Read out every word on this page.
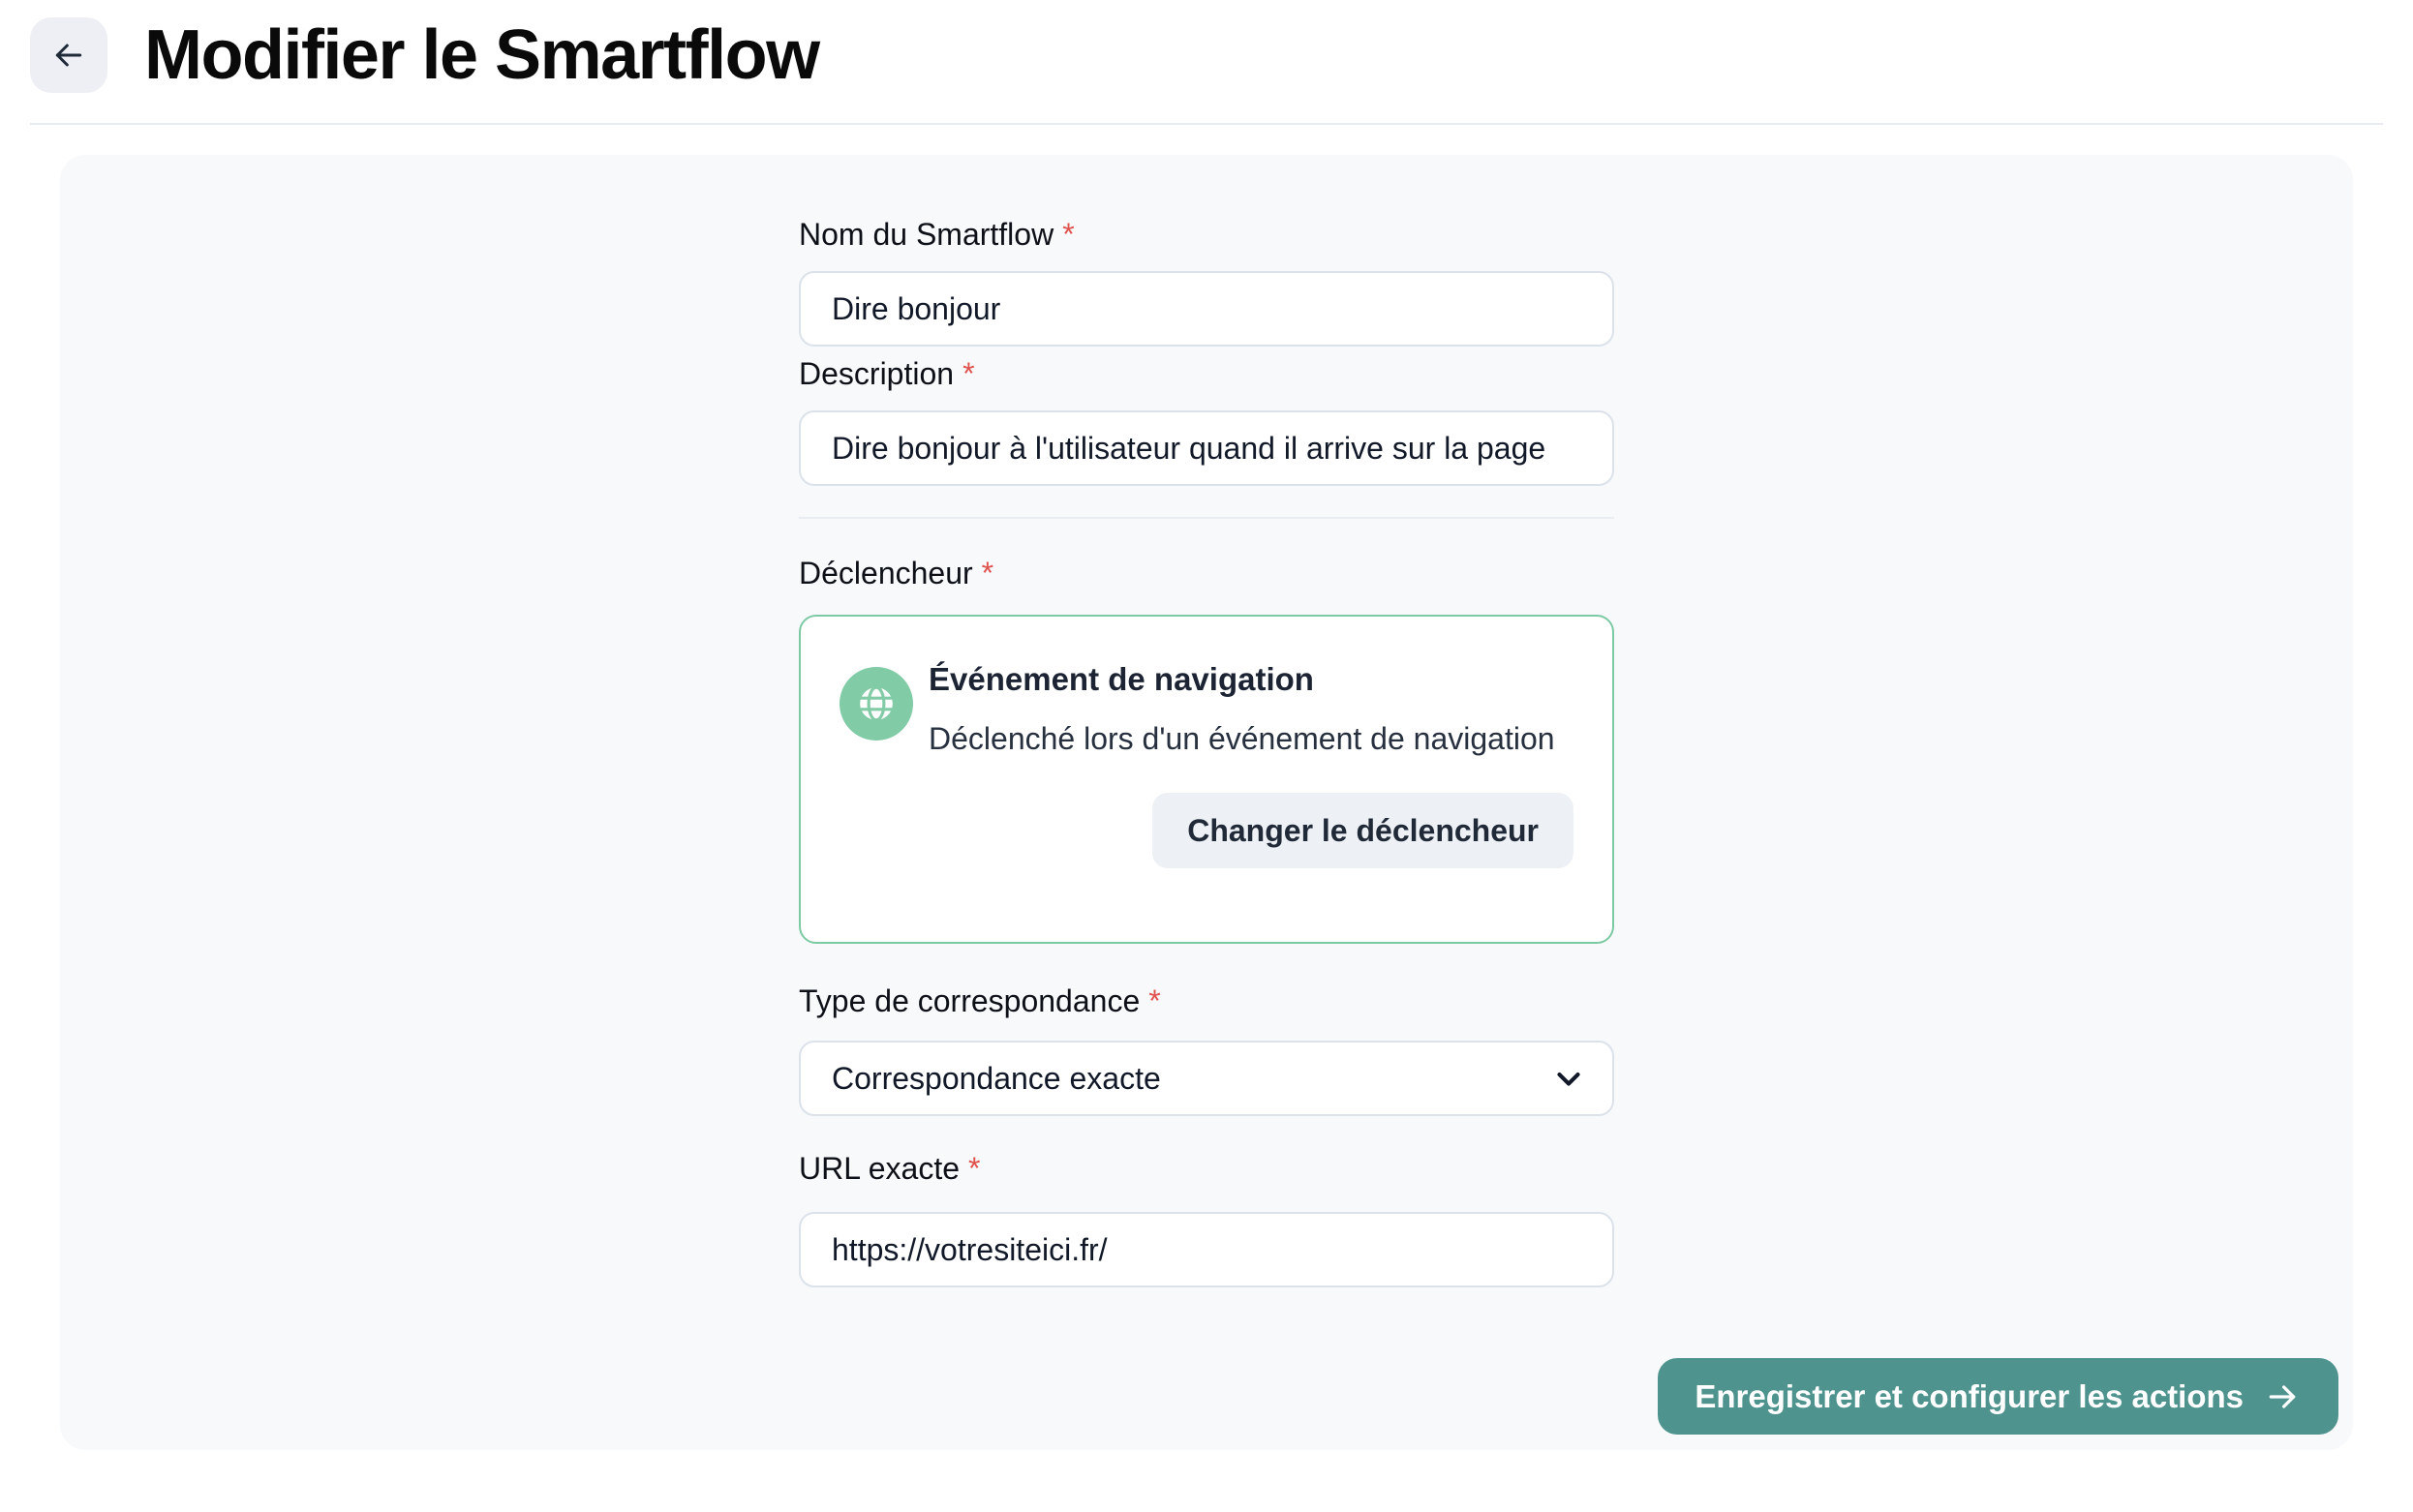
Modifier le Smartflow
Nom du Smartflow *
Dire bonjour
Description *
Dire bonjour à l'utilisateur quand il arrive sur la page
Déclencheur *
Événement de navigation
Déclenché lors d'un événement de navigation
Changer le déclencheur
Type de correspondance *
Correspondance exacte
URL exacte *
https://votresiteici.fr/
Enregistrer et configurer les actions
